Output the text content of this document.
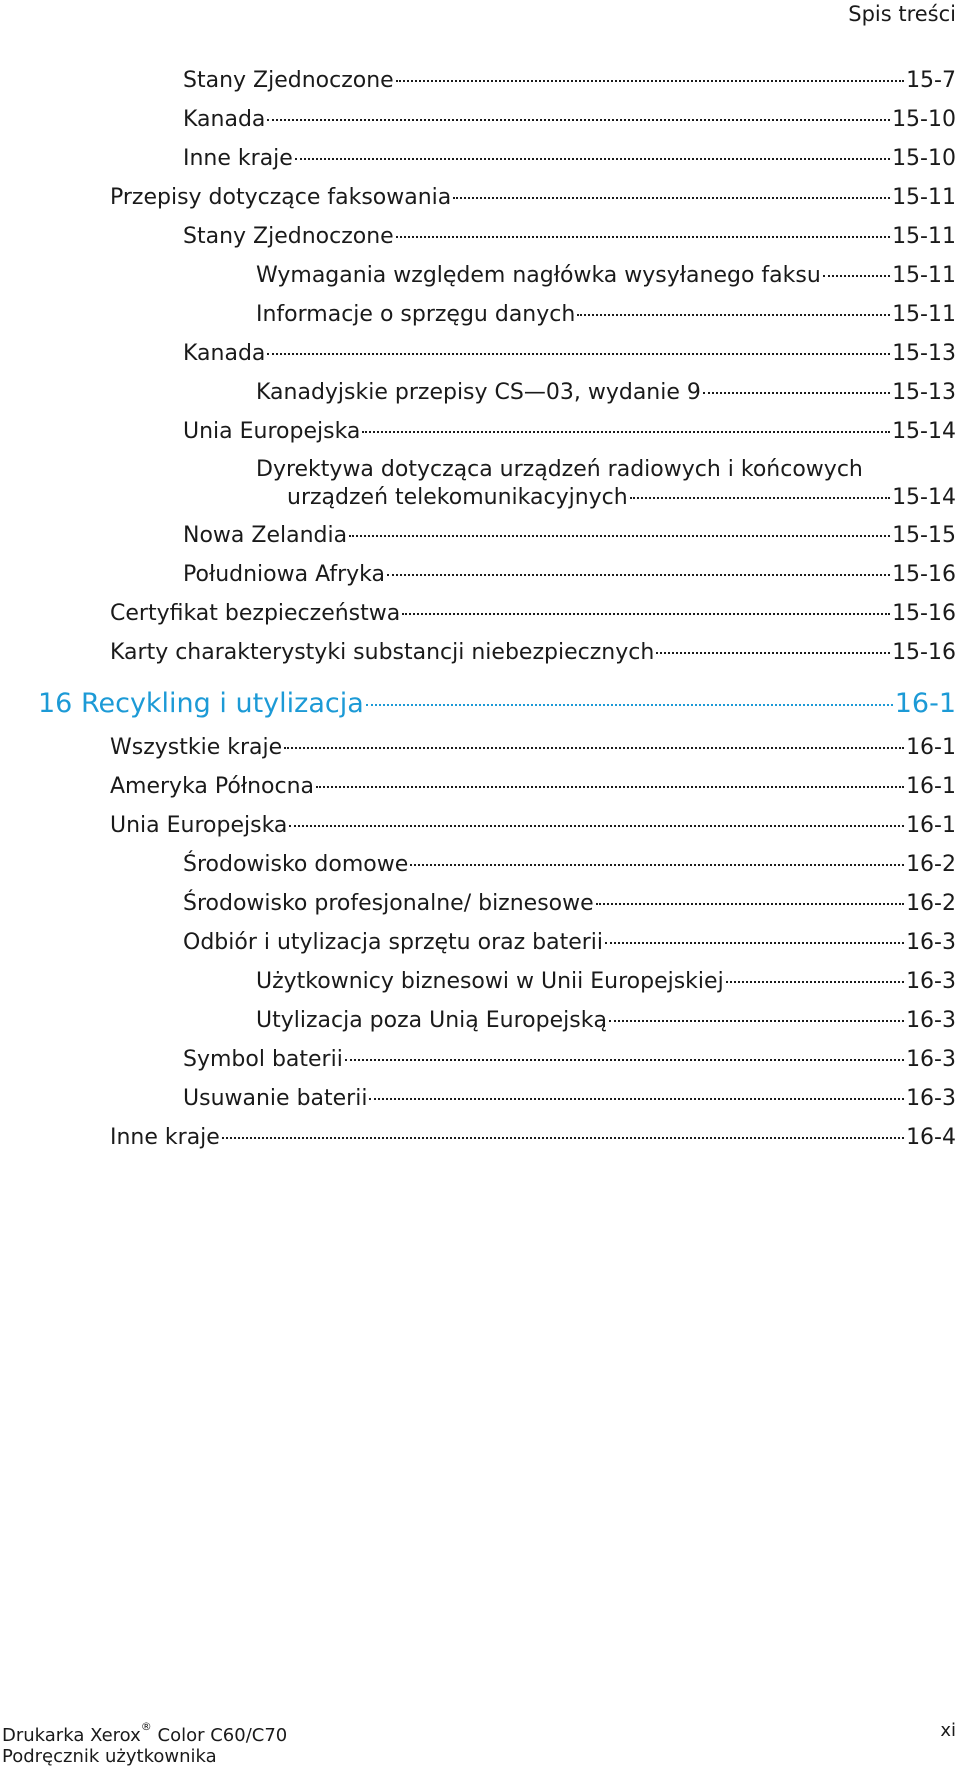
Spis treści
Stany Zjednoczone	15-7
Kanada	15-10
Inne kraje	15-10
Przepisy dotyczące faksowania	15-11
Stany Zjednoczone	15-11
Wymagania względem nagłówka wysyłanego faksu	15-11
Informacje o sprzęgu danych	15-11
Kanada	15-13
Kanadyjskie przepisy CS—03, wydanie 9	15-13
Unia Europejska	15-14
Dyrektywa dotycząca urządzeń radiowych i końcowych
urządzeń telekomunikacyjnych	15-14
Nowa Zelandia	15-15
Południowa Afryka	15-16
Certyfikat bezpieczeństwa	15-16
Karty charakterystyki substancji niebezpiecznych	15-16
16 Recykling i utylizacja	16-1
Wszystkie kraje	16-1
Ameryka Północna	16-1
Unia Europejska	16-1
Środowisko domowe	16-2
Środowisko profesjonalne/ biznesowe	16-2
Odbiór i utylizacja sprzętu oraz baterii	16-3
Użytkownicy biznesowi w Unii Europejskiej	16-3
Utylizacja poza Unią Europejską	16-3
Symbol baterii	16-3
Usuwanie baterii	16-3
Inne kraje	16-4
Drukarka Xerox® Color C60/C70
Podręcznik użytkownika
xi
